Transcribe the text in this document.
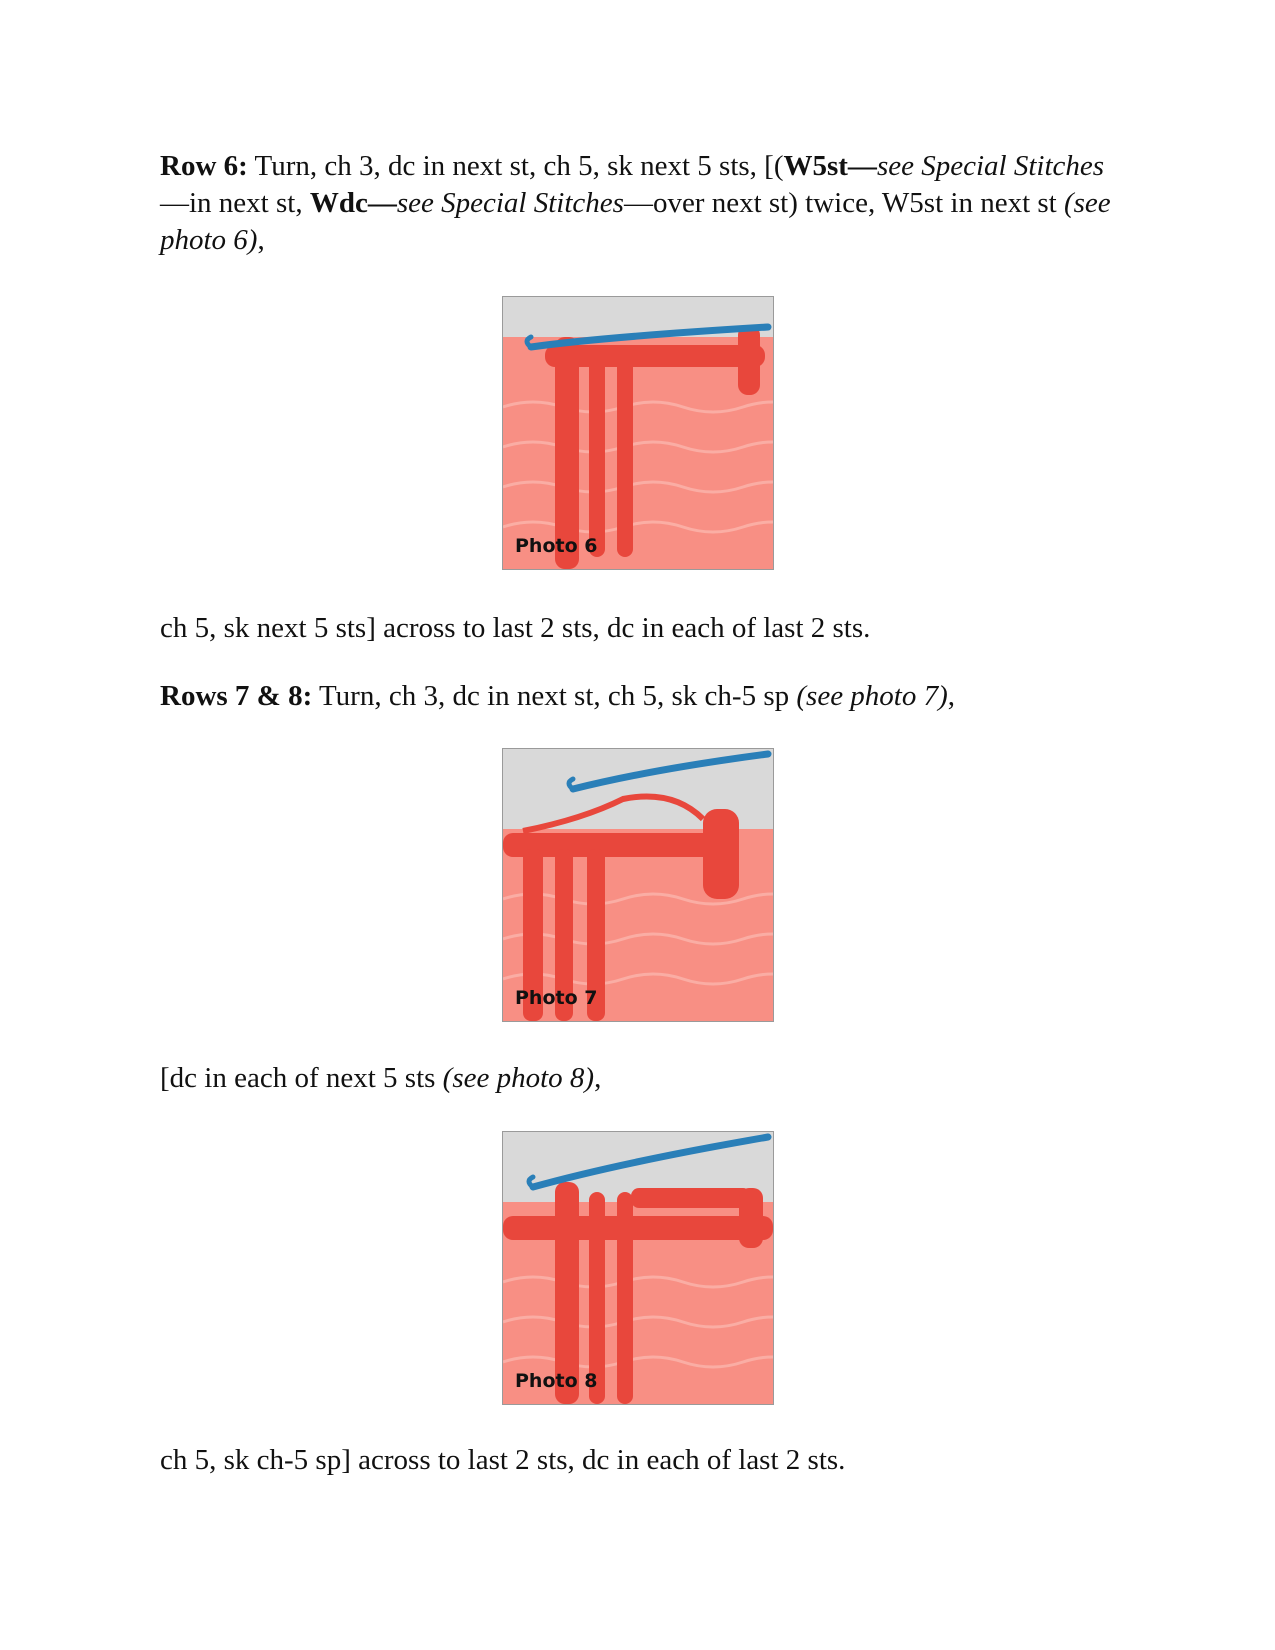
Row 6: Turn, ch 3, dc in next st, ch 5, sk next 5 sts, [(W5st—see Special Stitches—in next st, Wdc—see Special Stitches—over next st) twice, W5st in next st (see photo 6),

Photo 6

ch 5, sk next 5 sts] across to last 2 sts, dc in each of last 2 sts.

Rows 7 & 8: Turn, ch 3, dc in next st, ch 5, sk ch-5 sp (see photo 7),

Photo 7

[dc in each of next 5 sts (see photo 8),

Photo 8

ch 5, sk ch-5 sp] across to last 2 sts, dc in each of last 2 sts.
